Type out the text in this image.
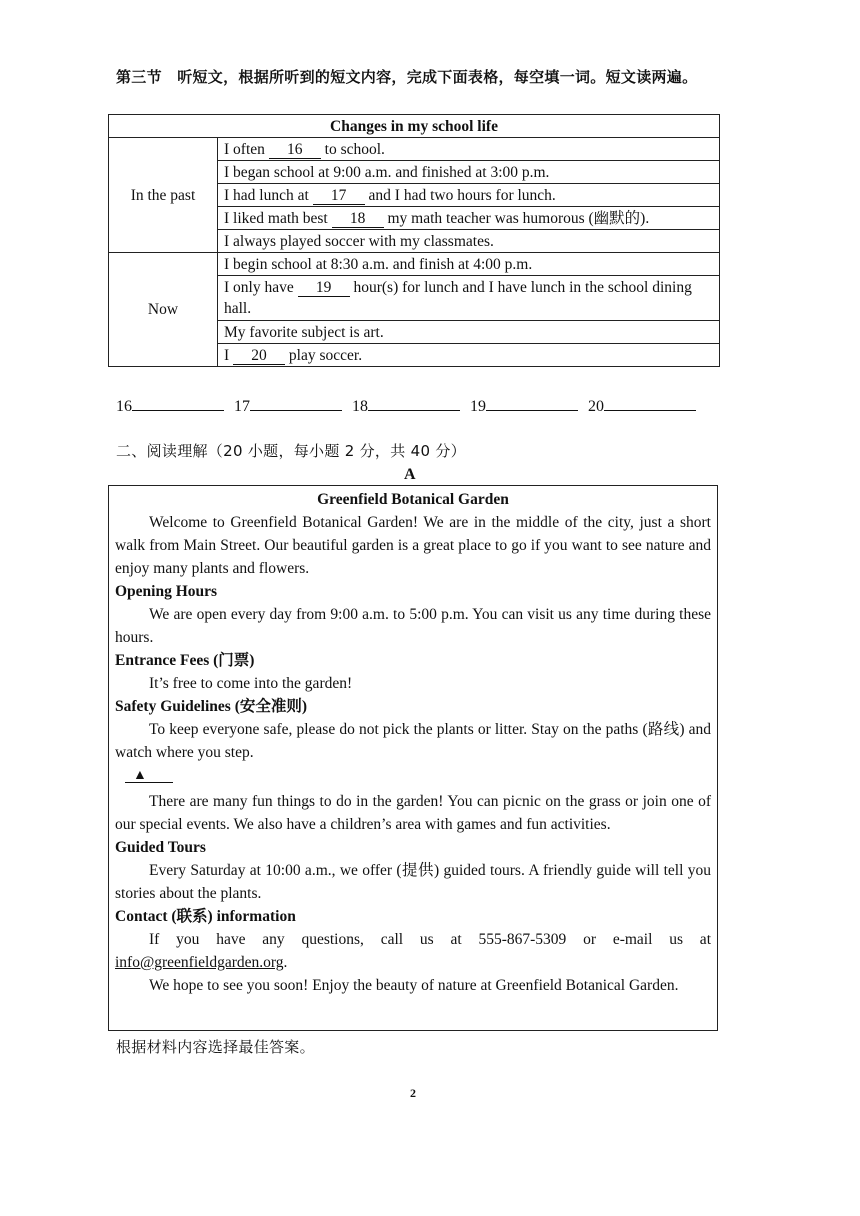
第三节　听短文，根据所听到的短文内容，完成下面表格，每空填一词。短文读两遍。
Changes in my school life	
In the past	I often 16 to school.
	I began school at 9:00 a.m. and finished at 3:00 p.m.
	I had lunch at 17 and I had two hours for lunch.
	I liked math best 18 my math teacher was humorous (幽默的).
	I always played soccer with my classmates.
Now	I begin school at 8:30 a.m. and finish at 4:00 p.m.
	I only have 19 hour(s) for lunch and I have lunch in the school dining hall.
	My favorite subject is art.
	I 20 play soccer.
16	17	18	19	20
二、阅读理解（20 小题，每小题 2 分，共 40 分）
A

Greenfield Botanical Garden

Welcome to Greenfield Botanical Garden! We are in the middle of the city, just a short walk from Main Street. Our beautiful garden is a great place to go if you want to see nature and enjoy many plants and flowers.

Opening Hours

We are open every day from 9:00 a.m. to 5:00 p.m. You can visit us any time during these hours.

Entrance Fees (门票)

It’s free to come into the garden!

Safety Guidelines (安全准则)

To keep everyone safe, please do not pick the plants or litter. Stay on the paths (路线) and watch where you step.

▲

There are many fun things to do in the garden! You can picnic on the grass or join one of our special events. We also have a children’s area with games and fun activities.

Guided Tours

Every Saturday at 10:00 a.m., we offer (提供) guided tours. A friendly guide will tell you stories about the plants.

Contact (联系) information

If you have any questions, call us at 555-867-5309 or e-mail us at info@greenfieldgarden.org.

We hope to see you soon! Enjoy the beauty of nature at Greenfield Botanical Garden.

根据材料内容选择最佳答案。
2
